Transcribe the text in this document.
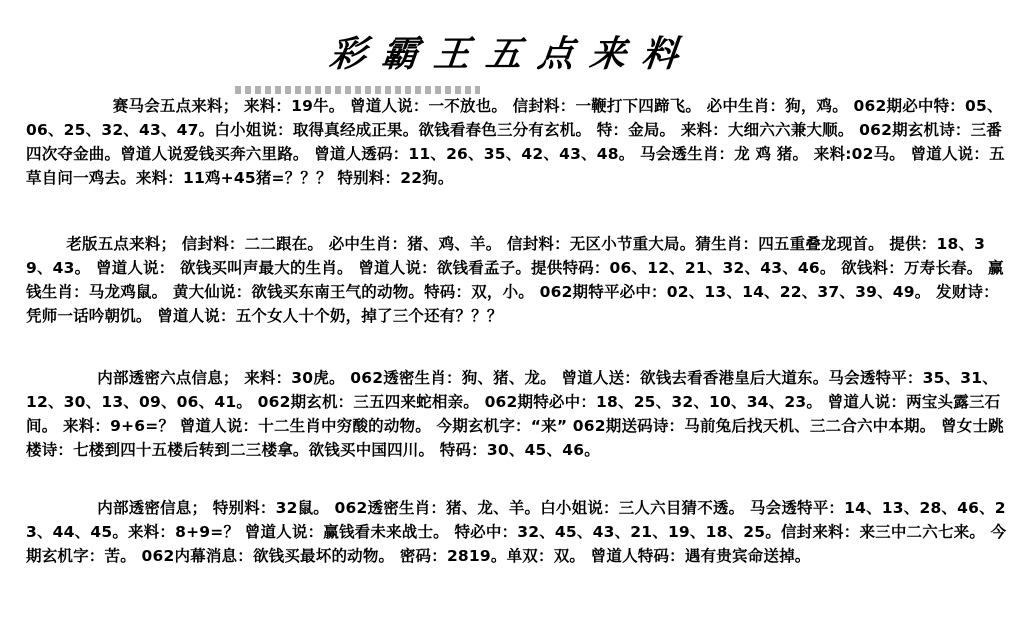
彩霸王五点来料
赛马会五点来料； 来料：19牛。 曾道人说：一不放也。 信封料：一鞭打下四蹄飞。 必中生肖：狗，鸡。 062期必中特：05、06、25、32、43、47。白小姐说：取得真经成正果。欲钱看春色三分有玄机。 特：金局。 来料：大细六六兼大顺。 062期玄机诗：三番四次夺金曲。曾道人说爱钱买奔六里路。 曾道人透码：11、26、35、42、43、48。 马会透生肖：龙 鸡 猪。 来料:02马。 曾道人说：五草自问一鸡去。来料：11鸡+45猪=？？？ 特别料：22狗。
老版五点来料； 信封料：二二跟在。 必中生肖：猪、鸡、羊。 信封料：无区小节重大局。猜生肖：四五重叠龙现首。 提供：18、39、43。 曾道人说： 欲钱买叫声最大的生肖。 曾道人说：欲钱看孟子。提供特码：06、12、21、32、43、46。 欲钱料：万寿长春。 赢钱生肖：马龙鸡鼠。 黄大仙说：欲钱买东南王气的动物。特码：双，小。 062期特平必中：02、13、14、22、37、39、49。 发财诗：凭师一话吟朝饥。 曾道人说：五个女人十个奶，掉了三个还有？？？
内部透密六点信息； 来料：30虎。 062透密生肖：狗、猪、龙。 曾道人送：欲钱去看香港皇后大道东。马会透特平：35、31、12、30、13、09、06、41。 062期玄机：三五四来蛇相亲。 062期特必中：18、25、32、10、34、23。 曾道人说：两宝头露三石间。 来料：9+6=？ 曾道人说：十二生肖中穷酸的动物。 今期玄机字：“来” 062期送码诗：马前兔后找天机、三二合六中本期。 曾女士跳楼诗：七楼到四十五楼后转到二三楼拿。欲钱买中国四川。 特码：30、45、46。
内部透密信息； 特别料：32鼠。 062透密生肖：猪、龙、羊。白小姐说：三人六目猜不透。 马会透特平：14、13、28、46、23、44、45。来料：8+9=？ 曾道人说：赢钱看未来战士。 特必中：32、45、43、21、19、18、25。信封来料：来三中二六七来。 今期玄机字：苦。 062内幕消息：欲钱买最坏的动物。 密码：2819。单双：双。 曾道人特码：遇有贵宾命送掉。
